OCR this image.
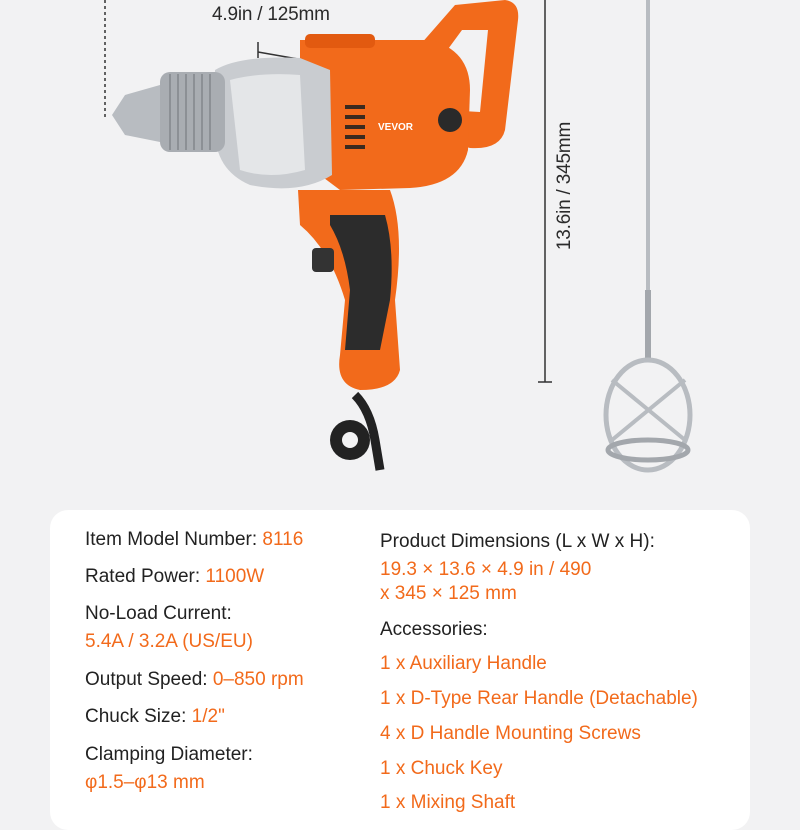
VEVOR
4.9in / 125mm
13.6in / 345mm
Item Model Number: 8116
Rated Power: 1100W
No-Load Current:
5.4A / 3.2A (US/EU)
Output Speed: 0–850 rpm
Chuck Size: 1/2"
Clamping Diameter:
φ1.5–φ13 mm
Product Dimensions (L x W x H):
19.3 × 13.6 × 4.9 in / 490
x 345 × 125 mm
Accessories:
1 x Auxiliary Handle
1 x D-Type Rear Handle (Detachable)
4 x D Handle Mounting Screws
1 x Chuck Key
1 x Mixing Shaft
